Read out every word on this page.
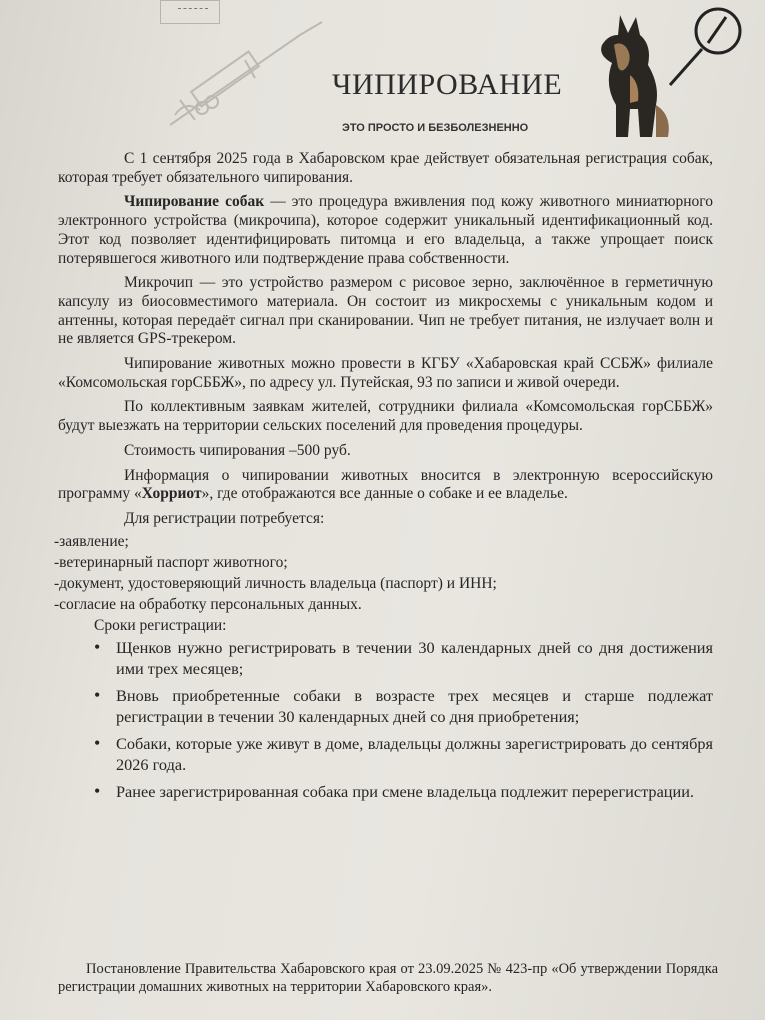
ЧИПИРОВАНИЕ
ЭТО ПРОСТО И БЕЗБОЛЕЗНЕННО

С 1 сентября 2025 года в Хабаровском крае действует обязательная регистрация собак, которая требует обязательного чипирования.

Чипирование собак — это процедура вживления под кожу животного миниатюрного электронного устройства (микрочипа), которое содержит уникальный идентификационный код. Этот код позволяет идентифицировать питомца и его владельца, а также упрощает поиск потерявшегося животного или подтверждение права собственности.

Микрочип — это устройство размером с рисовое зерно, заключённое в герметичную капсулу из биосовместимого материала. Он состоит из микросхемы с уникальным кодом и антенны, которая передаёт сигнал при сканировании. Чип не требует питания, не излучает волн и не является GPS-трекером.

Чипирование животных можно провести в КГБУ «Хабаровская край ССБЖ» филиале «Комсомольская горСББЖ», по адресу ул. Путейская, 93 по записи и живой очереди.

По коллективным заявкам жителей, сотрудники филиала «Комсомольская горСББЖ» будут выезжать на территории сельских поселений для проведения процедуры.

Стоимость чипирования –500 руб.

Информация о чипировании животных вносится в электронную всероссийскую программу «Хорриот», где отображаются все данные о собаке и ее владелье.

Для регистрации потребуется:

-заявление;
-ветеринарный паспорт животного;
-документ, удостоверяющий личность владельца (паспорт) и ИНН;
-согласие на обработку персональных данных.
Сроки регистрации:
• Щенков нужно регистрировать в течении 30 календарных дней со дня достижения ими трех месяцев;
• Вновь приобретенные собаки в возрасте трех месяцев и старше подлежат регистрации в течении 30 календарных дней со дня приобретения;
• Собаки, которые уже живут в доме, владельцы должны зарегистрировать до сентября 2026 года.
• Ранее зарегистрированная собака при смене владельца подлежит перерегистрации.
Постановление Правительства Хабаровского края от 23.09.2025 № 423-пр «Об утверждении Порядка регистрации домашних животных на территории Хабаровского края».
